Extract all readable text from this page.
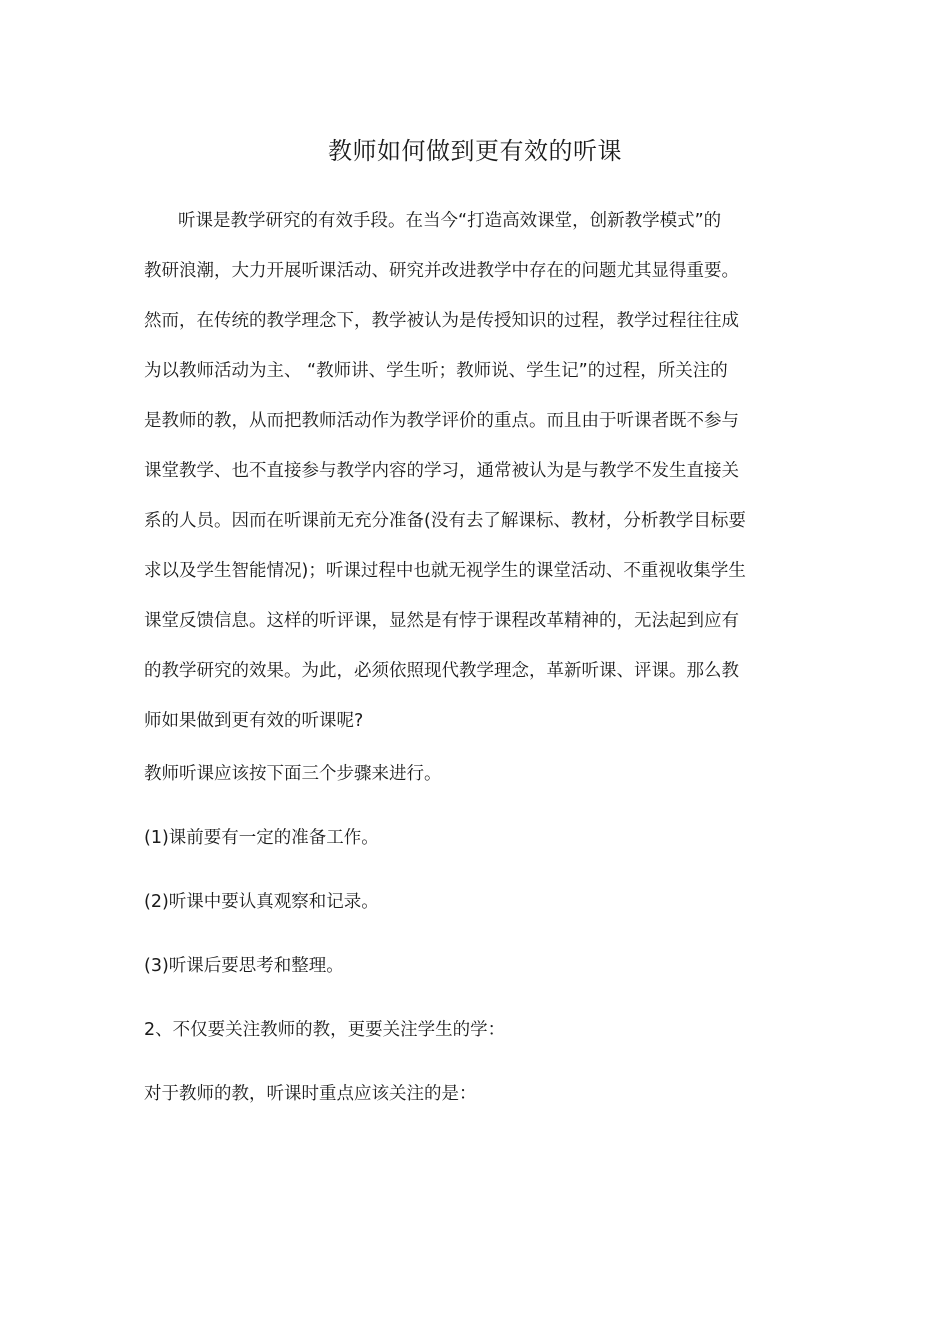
教师如何做到更有效的听课

听课是教学研究的有效手段。在当今“打造高效课堂，创新教学模式”的
教研浪潮，大力开展听课活动、研究并改进教学中存在的问题尤其显得重要。
然而，在传统的教学理念下，教学被认为是传授知识的过程，教学过程往往成
为以教师活动为主、 “教师讲、学生听；教师说、学生记”的过程，所关注的
是教师的教，从而把教师活动作为教学评价的重点。而且由于听课者既不参与
课堂教学、也不直接参与教学内容的学习，通常被认为是与教学不发生直接关
系的人员。因而在听课前无充分准备(没有去了解课标、教材，分析教学目标要
求以及学生智能情况)；听课过程中也就无视学生的课堂活动、不重视收集学生
课堂反馈信息。这样的听评课，显然是有悖于课程改革精神的，无法起到应有
的教学研究的效果。为此，必须依照现代教学理念，革新听课、评课。那么教
师如果做到更有效的听课呢?

教师听课应该按下面三个步骤来进行。

(1)课前要有一定的准备工作。

(2)听课中要认真观察和记录。

(3)听课后要思考和整理。

2、不仅要关注教师的教，更要关注学生的学：

对于教师的教，听课时重点应该关注的是：
